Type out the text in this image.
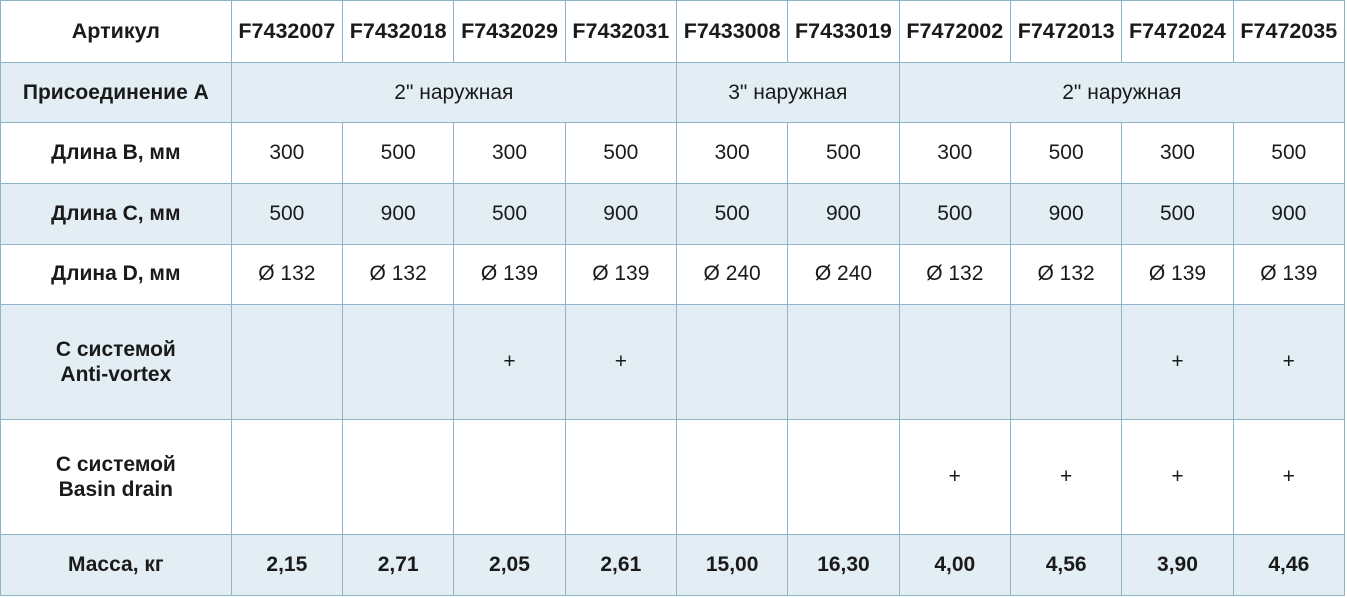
Артикул	F7432007	F7432018	F7432029	F7432031	F7433008	F7433019	F7472002	F7472013	F7472024	F7472035
Присоединение A	2" наружная				3" наружная		2" наружная			
Длина B, мм	300	500	300	500	300	500	300	500	300	500
Длина C, мм	500	900	500	900	500	900	500	900	500	900
Длина D, мм	Ø 132	Ø 132	Ø 139	Ø 139	Ø 240	Ø 240	Ø 132	Ø 132	Ø 139	Ø 139

С системой
Anti-vortex			+	+					+	+

С системой
Basin drain							+	+	+	+
Масса, кг	2,15	2,71	2,05	2,61	15,00	16,30	4,00	4,56	3,90	4,46
